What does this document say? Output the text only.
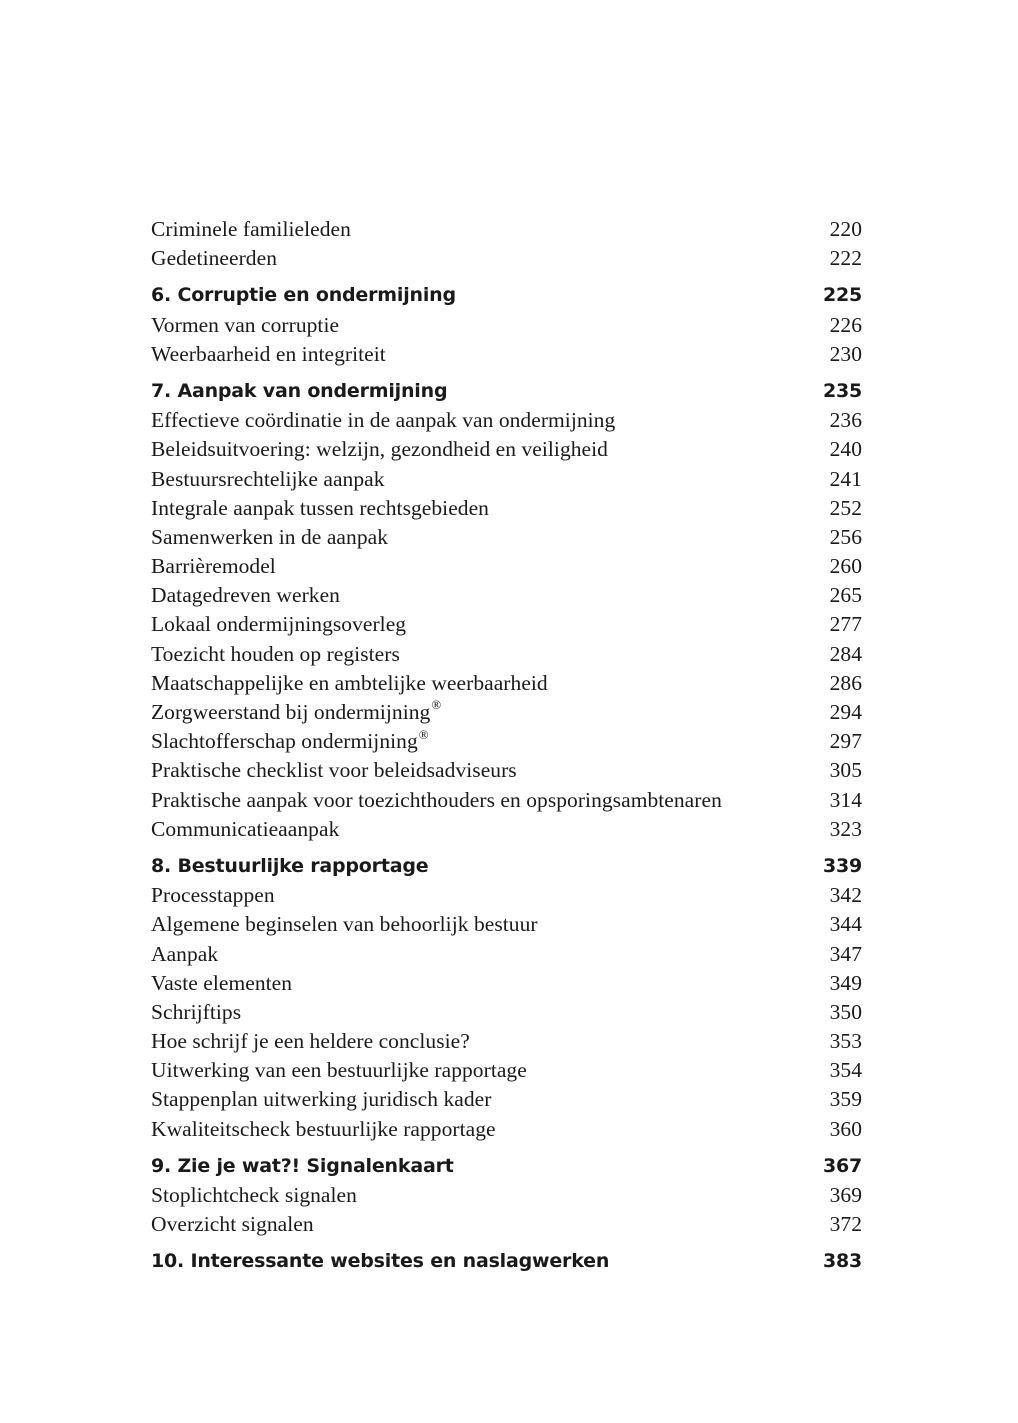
Criminele familieleden	220
Gedetineerden	222
6. Corruptie en ondermijning	225
Vormen van corruptie	226
Weerbaarheid en integriteit	230
7. Aanpak van ondermijning	235
Effectieve coördinatie in de aanpak van ondermijning	236
Beleidsuitvoering: welzijn, gezondheid en veiligheid	240
Bestuursrechtelijke aanpak	241
Integrale aanpak tussen rechtsgebieden	252
Samenwerken in de aanpak	256
Barrièremodel	260
Datagedreven werken	265
Lokaal ondermijningsoverleg	277
Toezicht houden op registers	284
Maatschappelijke en ambtelijke weerbaarheid	286
Zorgweerstand bij ondermijning®	294
Slachtofferschap ondermijning®	297
Praktische checklist voor beleidsadviseurs	305
Praktische aanpak voor toezichthouders en opsporingsambtenaren	314
Communicatieaanpak	323
8. Bestuurlijke rapportage	339
Processtappen	342
Algemene beginselen van behoorlijk bestuur	344
Aanpak	347
Vaste elementen	349
Schrijftips	350
Hoe schrijf je een heldere conclusie?	353
Uitwerking van een bestuurlijke rapportage	354
Stappenplan uitwerking juridisch kader	359
Kwaliteitscheck bestuurlijke rapportage	360
9. Zie je wat?! Signalenkaart	367
Stoplichtcheck signalen	369
Overzicht signalen	372
10. Interessante websites en naslagwerken	383
